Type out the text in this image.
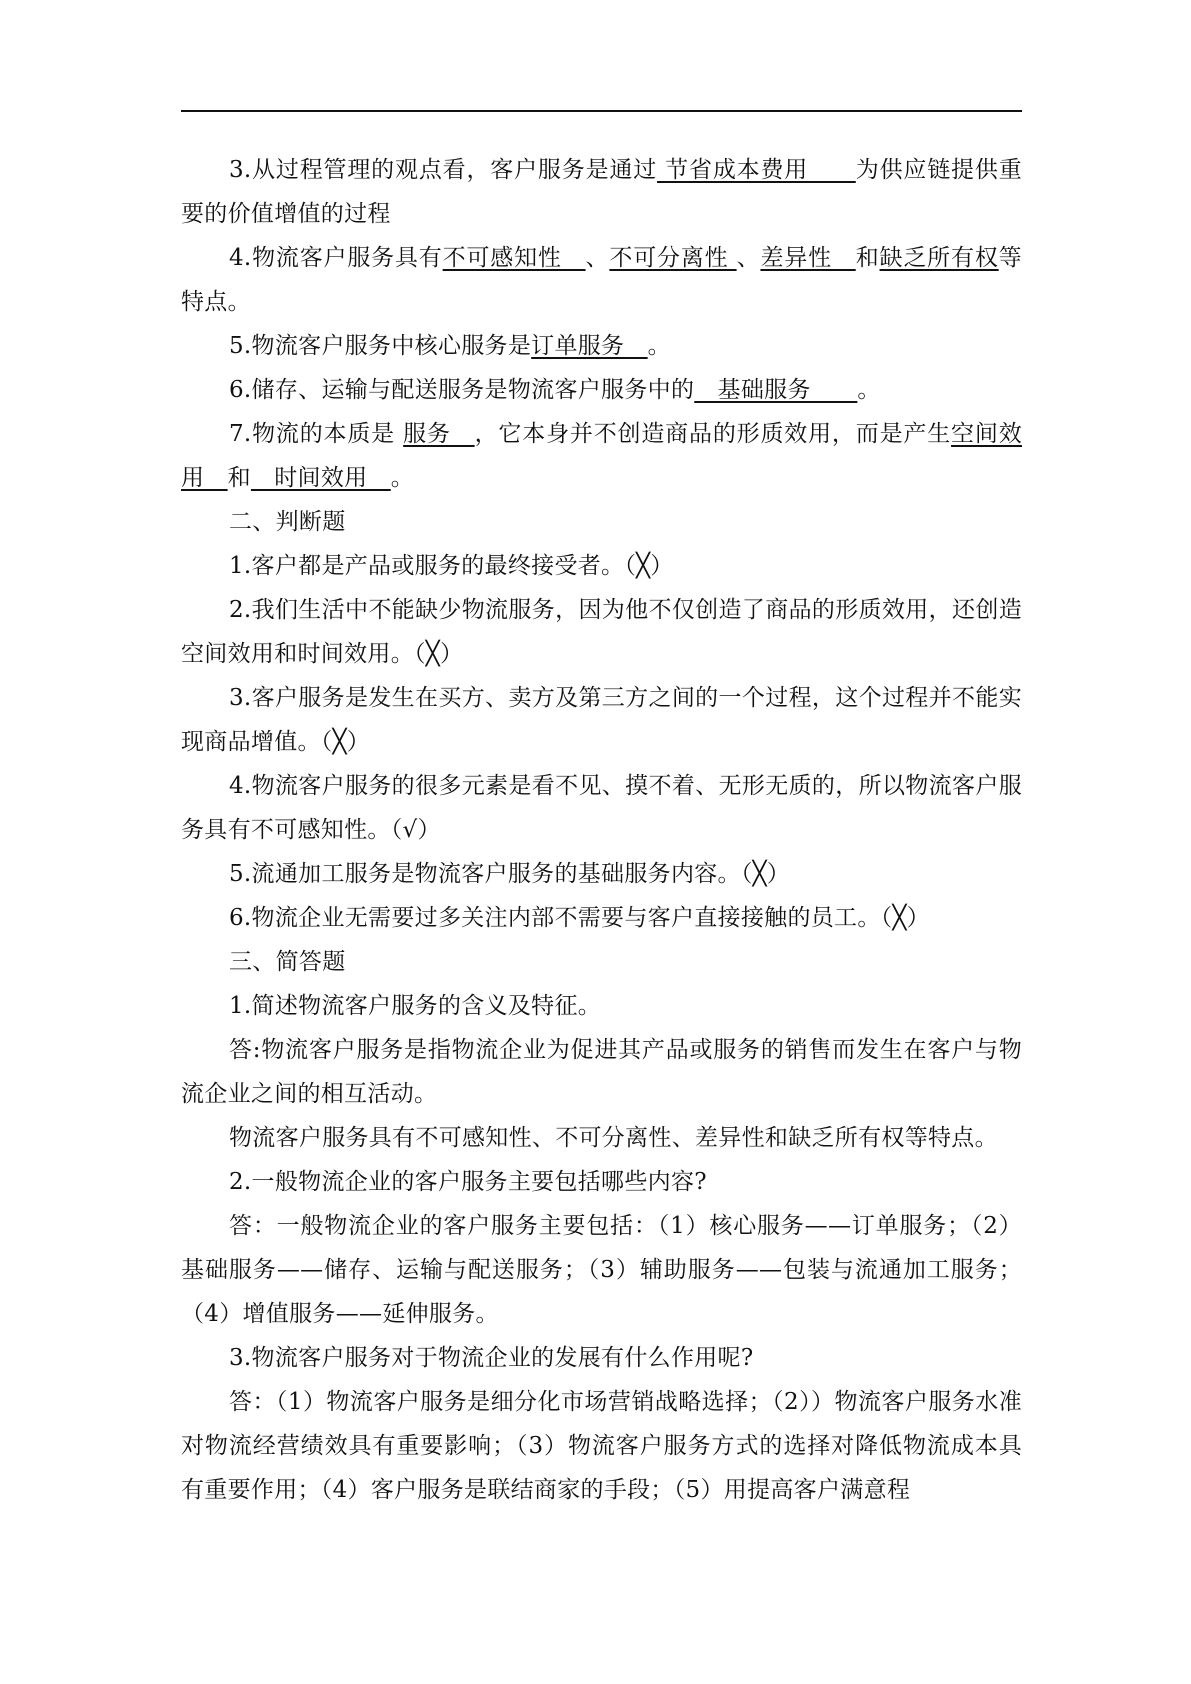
3.从过程管理的观点看，客户服务是通过 节省成本费用　　为供应链提供重要的价值增值的过程

4.物流客户服务具有不可感知性　、不可分离性 、差异性　和缺乏所有权等特点。

5.物流客户服务中核心服务是订单服务　。

6.储存、运输与配送服务是物流客户服务中的　基础服务　　。

7.物流的本质是 服务　，它本身并不创造商品的形质效用，而是产生空间效用　和　时间效用　。

二、判断题

1.客户都是产品或服务的最终接受者。（╳）

2.我们生活中不能缺少物流服务，因为他不仅创造了商品的形质效用，还创造空间效用和时间效用。（╳）

3.客户服务是发生在买方、卖方及第三方之间的一个过程，这个过程并不能实现商品增值。（╳）

4.物流客户服务的很多元素是看不见、摸不着、无形无质的，所以物流客户服务具有不可感知性。（√）

5.流通加工服务是物流客户服务的基础服务内容。（╳）

6.物流企业无需要过多关注内部不需要与客户直接接触的员工。（╳）

三、简答题

1.简述物流客户服务的含义及特征。

答:物流客户服务是指物流企业为促进其产品或服务的销售而发生在客户与物流企业之间的相互活动。

物流客户服务具有不可感知性、不可分离性、差异性和缺乏所有权等特点。

2.一般物流企业的客户服务主要包括哪些内容?

答：一般物流企业的客户服务主要包括：（1）核心服务——订单服务；（2）基础服务——储存、运输与配送服务；（3）辅助服务——包装与流通加工服务；（4）增值服务——延伸服务。

3.物流客户服务对于物流企业的发展有什么作用呢?

答：（1）物流客户服务是细分化市场营销战略选择；（2））物流客户服务水准对物流经营绩效具有重要影响；（3）物流客户服务方式的选择对降低物流成本具有重要作用；（4）客户服务是联结商家的手段；（5）用提高客户满意程
